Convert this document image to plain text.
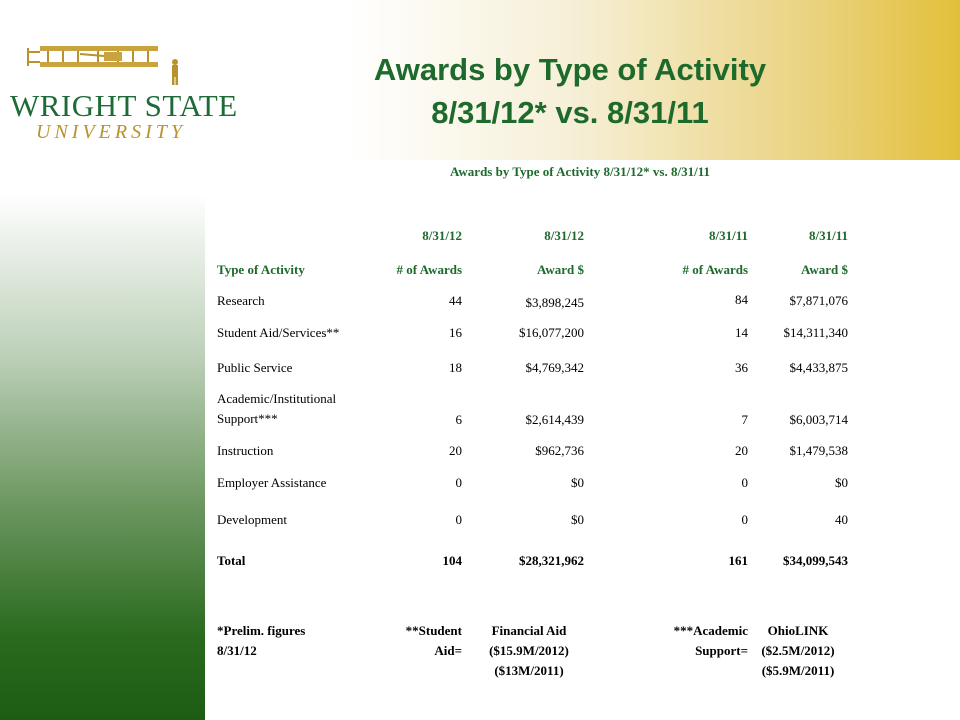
WRIGHT STATE
UNIVERSITY
Awards by Type of Activity
8/31/12* vs. 8/31/11
Awards by Type of Activity 8/31/12* vs. 8/31/11
8/31/12	8/31/12	8/31/11	8/31/11
Type of Activity	# of Awards	Award $	# of Awards	Award $
Research	44	$3,898,245	84	$7,871,076
Student Aid/Services**	16	$16,077,200	14	$14,311,340
Public Service	18	$4,769,342	36	$4,433,875
Academic/Institutional Support***	6	$2,614,439	7	$6,003,714
Instruction	20	$962,736	20	$1,479,538
Employer Assistance	0	$0	0	$0
Development	0	$0	0	40
Total	104	$28,321,962	161	$34,099,543
*Prelim. figures 8/31/12
**Student Aid=
Financial Aid ($15.9M/2012) ($13M/2011)
***Academic Support=
OhioLINK ($2.5M/2012) ($5.9M/2011)
